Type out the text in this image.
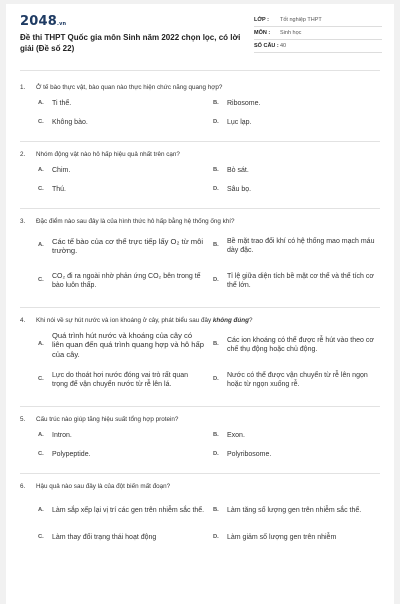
2048.vn
Đề thi THPT Quốc gia môn Sinh năm 2022 chọn lọc, có lời giải (Đề số 22)
LỚP :	Tốt nghiệp THPT
MÔN :	Sinh học
SỐ CÂU : 40
1.	Ở tế bào thực vật, bào quan nào thực hiện chức năng quang hợp?
A.	Ti thể.	B.	Ribosome.
C.	Không bào.	D.	Lục lạp.
2.	Nhóm động vật nào hô hấp hiệu quả nhất trên cạn?
A.	Chim.	B.	Bò sát.
C.	Thú.	D.	Sâu bọ.
3.	Đặc điểm nào sau đây là của hình thức hô hấp bằng hệ thống ống khí?
A.	Các tế bào của cơ thể trực tiếp lấy O₂ từ môi trường.
B.
Bề mặt trao đổi khí có hệ thống mao mạch máu dày đặc.
C.
CO₂ đi ra ngoài nhờ phản ứng CO₂ bên trong tế bào luôn thấp.
D.
Tỉ lệ giữa diện tích bề mặt cơ thể và thể tích cơ thể lớn.
4.	Khi nói về sự hút nước và ion khoáng ở cây, phát biểu sau đây không đúng?
A.
Quá trình hút nước và khoáng của cây có liên quan đến quá trình quang hợp và hô hấp của cây.
B.
Các ion khoáng có thể được rễ hút vào theo cơ chế thụ động hoặc chủ động.
C.
Lực do thoát hơi nước đóng vai trò rất quan trọng để vận chuyển nước từ rễ lên lá.
D.
Nước có thể được vận chuyển từ rễ lên ngọn hoặc từ ngọn xuống rễ.
5.	Cấu trúc nào giúp tăng hiệu suất tổng hợp protein?
A.	Intron.	B.	Exon.
C.	Polypeptide.	D.	Polyribosome.
6.	Hậu quả nào sau đây là của đột biến mất đoạn?
A.	Làm sắp xếp lại vị trí các gen trên nhiễm sắc thể. B.	Làm tăng số lượng gen trên nhiễm sắc thể.
C.	Làm thay đổi trạng thái hoạt động	D.	Làm giảm số lượng gen trên nhiễm
